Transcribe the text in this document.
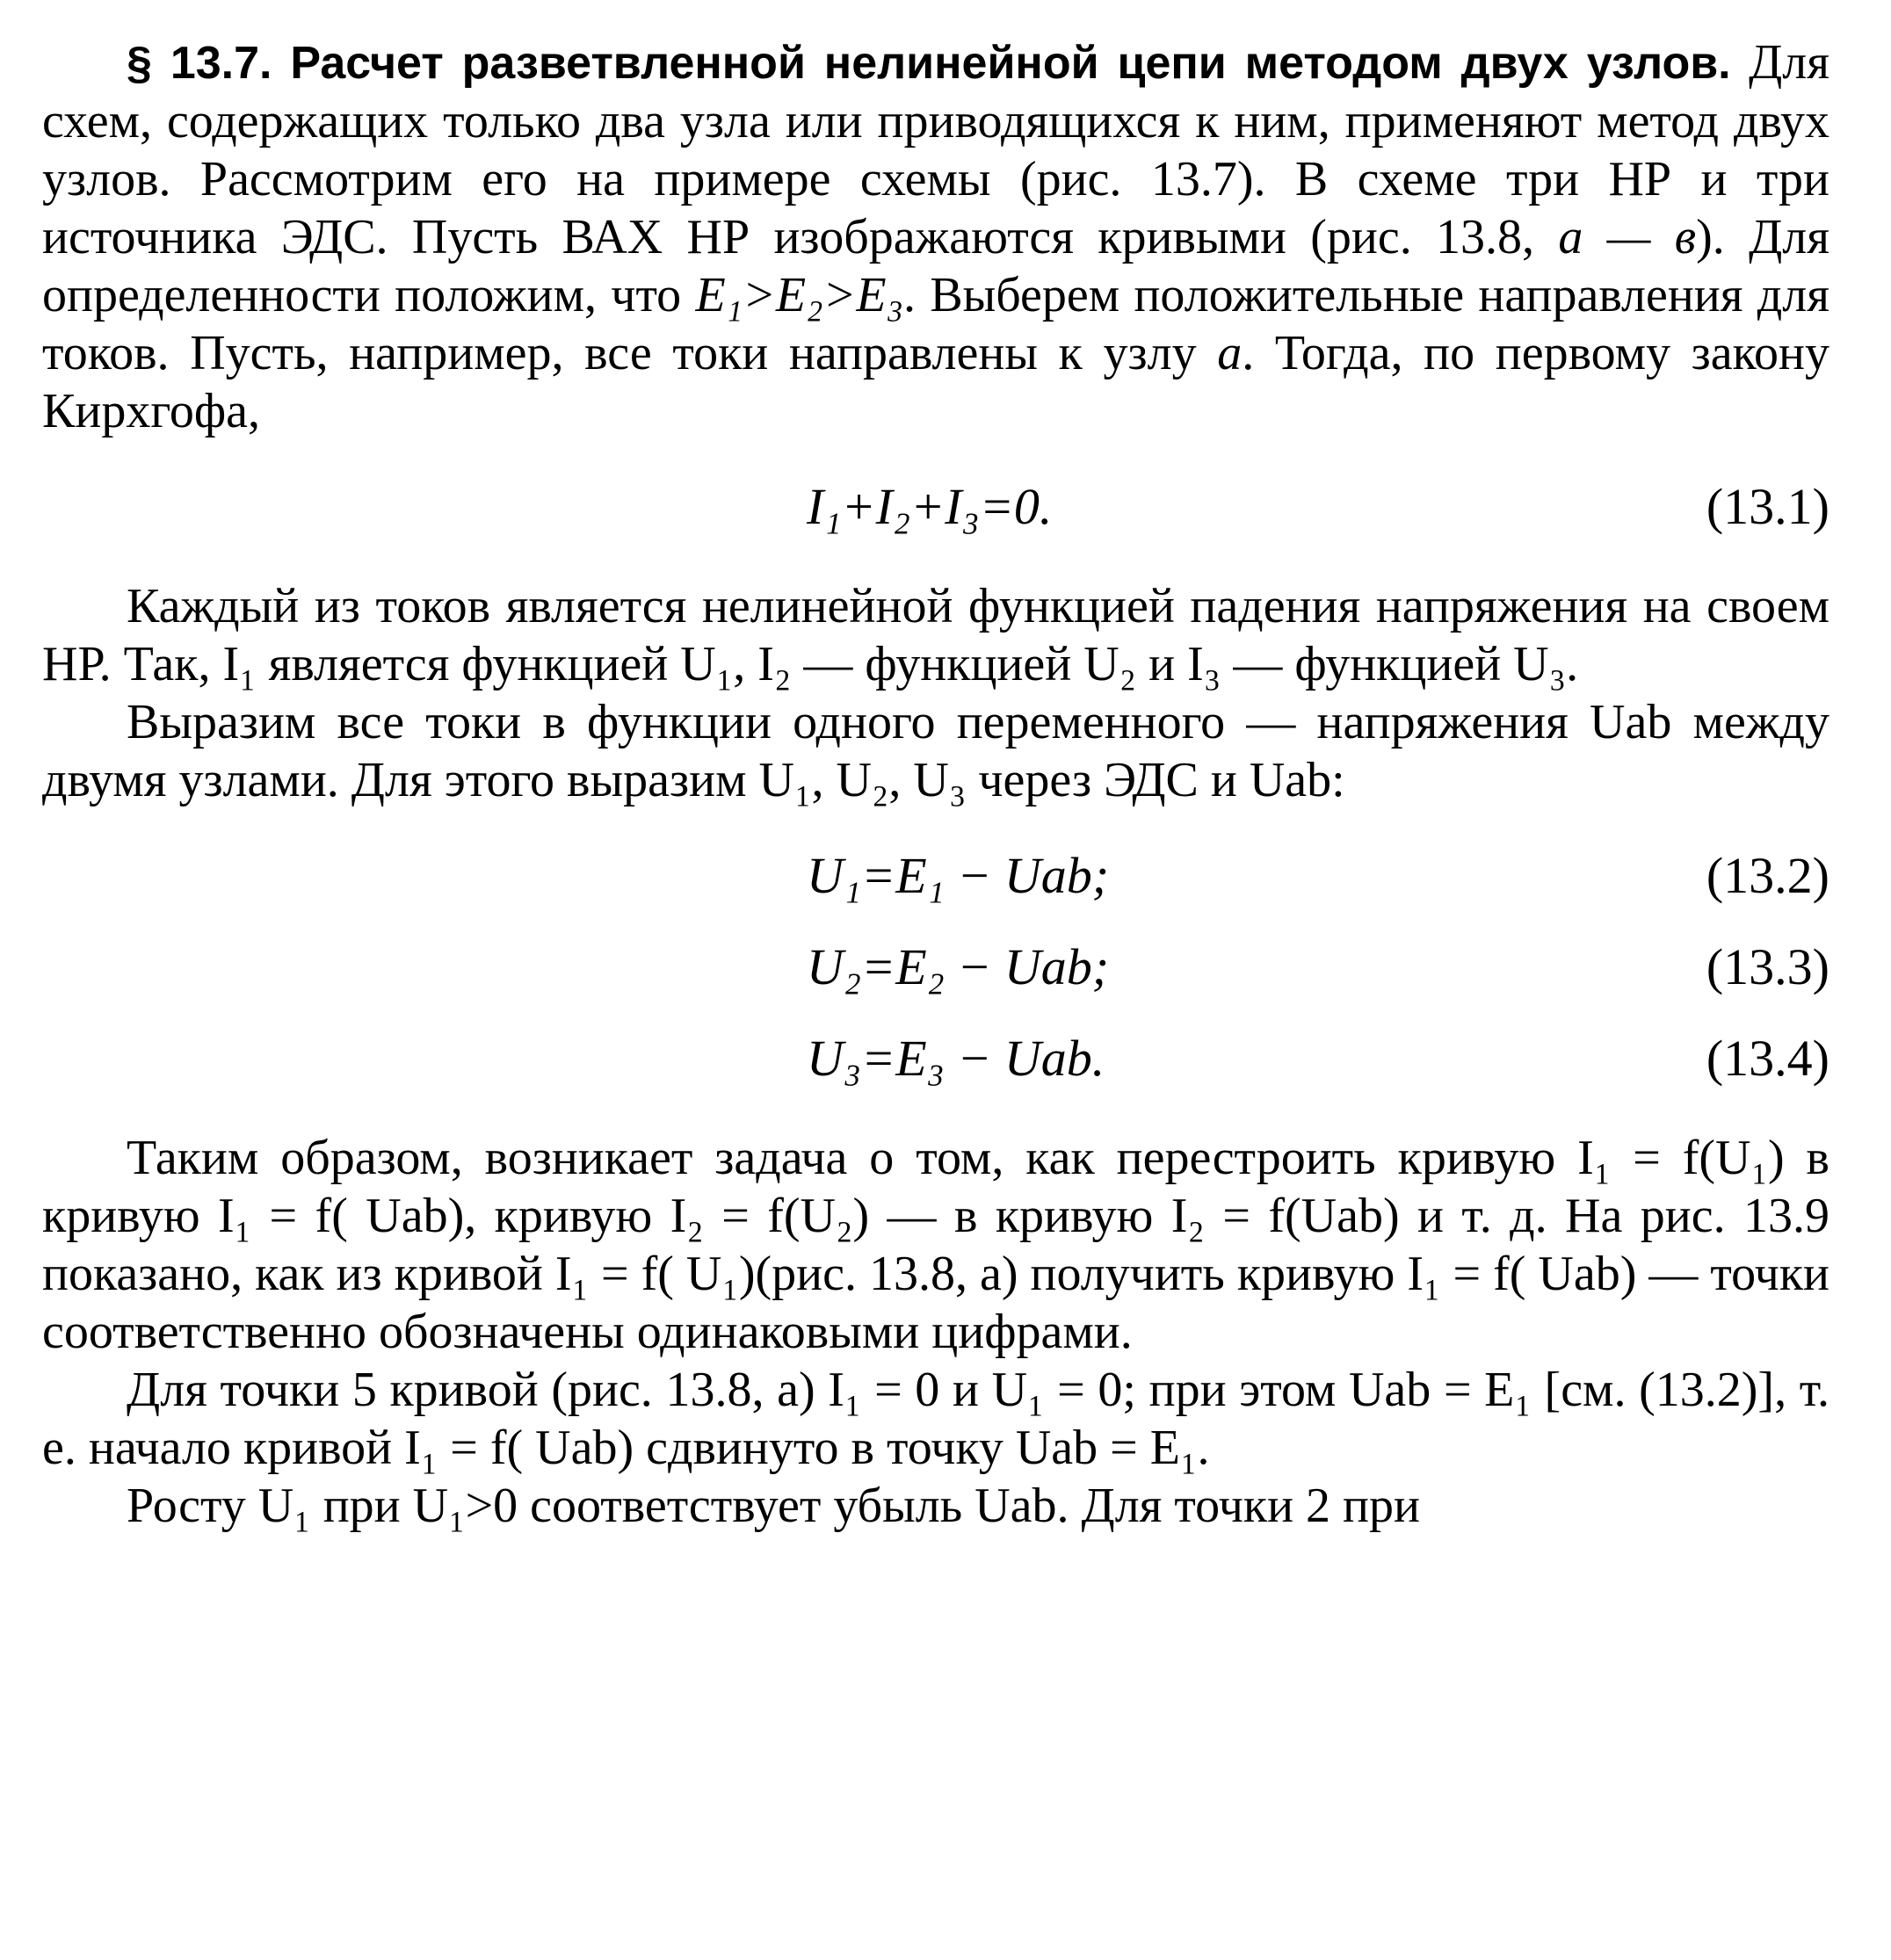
§ 13.7. Расчет разветвленной нелинейной цепи методом двух узлов. Для схем, содержащих только два узла или приводящихся к ним, применяют метод двух узлов. Рассмотрим его на примере схемы (рис. 13.7). В схеме три НР и три источника ЭДС. Пусть ВАХ НР изображаются кривыми (рис. 13.8, а — в). Для определенности положим, что E₁>E₂>E₃. Выберем положительные направления для токов. Пусть, например, все токи направлены к узлу a. Тогда, по первому закону Кирхгофа,

I₁+I₂+I₃=0.	(13.1)

Каждый из токов является нелинейной функцией падения напряжения на своем НР. Так, I₁ является функцией U₁, I₂ — функцией U₂ и I₃ — функцией U₃.

Выразим все токи в функции одного переменного — напряжения Uab между двумя узлами. Для этого выразим U₁, U₂, U₃ через ЭДС и Uab:

U₁=E₁ − Uab;	(13.2)
U₂=E₂ − Uab;	(13.3)
U₃=E₃ − Uab.	(13.4)

Таким образом, возникает задача о том, как перестроить кривую I₁ = f(U₁) в кривую I₁ = f( Uab), кривую I₂ = f(U₂) — в кривую I₂ = f(Uab) и т. д. На рис. 13.9 показано, как из кривой I₁ = f( U₁)(рис. 13.8, а) получить кривую I₁ = f( Uab) — точки соответственно обозначены одинаковыми цифрами.

Для точки 5 кривой (рис. 13.8, а) I₁ = 0 и U₁ = 0; при этом Uab = E₁ [см. (13.2)], т. е. начало кривой I₁ = f( Uab) сдвинуто в точку Uab = E₁.

Росту U₁ при U₁>0 соответствует убыль Uab. Для точки 2 при
